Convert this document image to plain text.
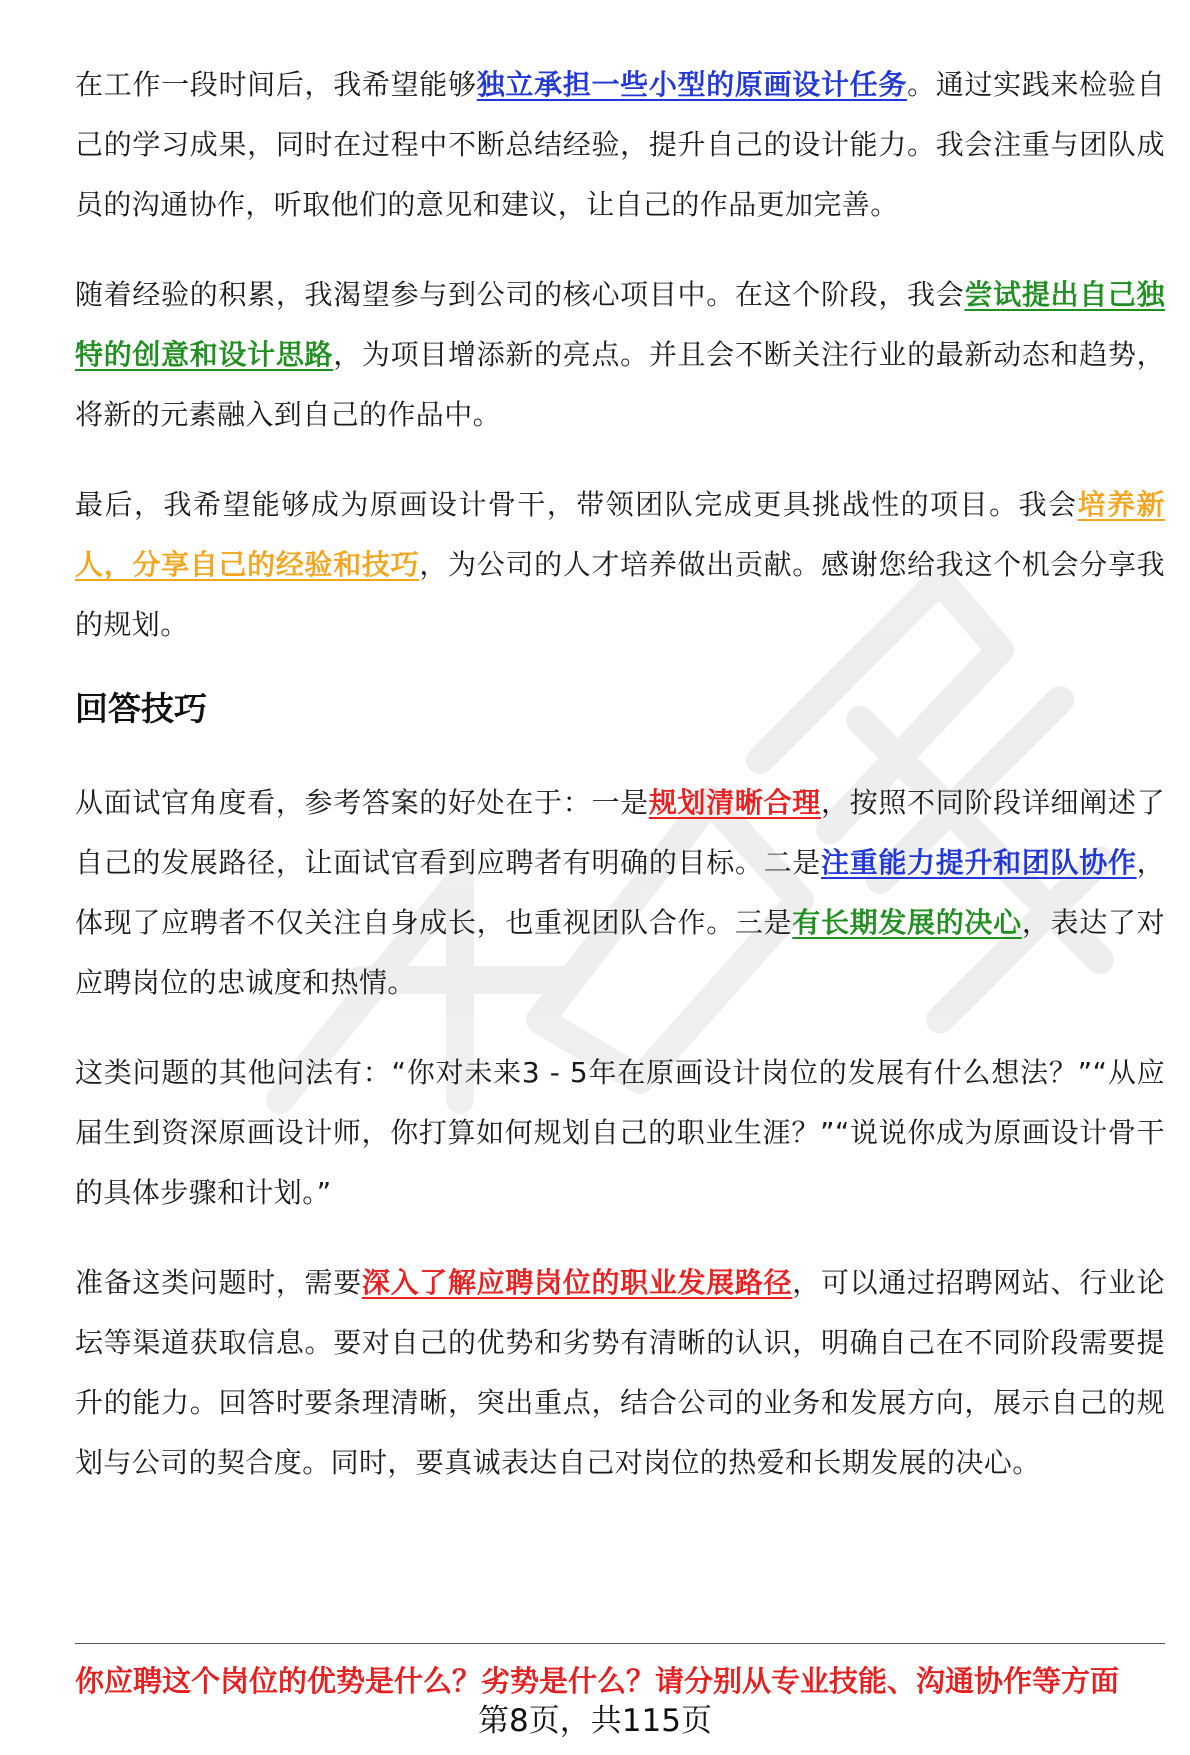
在工作一段时间后，我希望能够独立承担一些小型的原画设计任务。通过实践来检验自己的学习成果，同时在过程中不断总结经验，提升自己的设计能力。我会注重与团队成员的沟通协作，听取他们的意见和建议，让自己的作品更加完善。

随着经验的积累，我渴望参与到公司的核心项目中。在这个阶段，我会尝试提出自己独特的创意和设计思路，为项目增添新的亮点。并且会不断关注行业的最新动态和趋势，将新的元素融入到自己的作品中。

最后，我希望能够成为原画设计骨干，带领团队完成更具挑战性的项目。我会培养新人，分享自己的经验和技巧，为公司的人才培养做出贡献。感谢您给我这个机会分享我的规划。

回答技巧

从面试官角度看，参考答案的好处在于：一是规划清晰合理，按照不同阶段详细阐述了自己的发展路径，让面试官看到应聘者有明确的目标。二是注重能力提升和团队协作，体现了应聘者不仅关注自身成长，也重视团队合作。三是有长期发展的决心，表达了对应聘岗位的忠诚度和热情。

这类问题的其他问法有：“你对未来3 - 5年在原画设计岗位的发展有什么想法？”“从应届生到资深原画设计师，你打算如何规划自己的职业生涯？”“说说你成为原画设计骨干的具体步骤和计划。”

准备这类问题时，需要深入了解应聘岗位的职业发展路径，可以通过招聘网站、行业论坛等渠道获取信息。要对自己的优势和劣势有清晰的认识，明确自己在不同阶段需要提升的能力。回答时要条理清晰，突出重点，结合公司的业务和发展方向，展示自己的规划与公司的契合度。同时，要真诚表达自己对岗位的热爱和长期发展的决心。

你应聘这个岗位的优势是什么？劣势是什么？请分别从专业技能、沟通协作等方面
第8页，共115页
